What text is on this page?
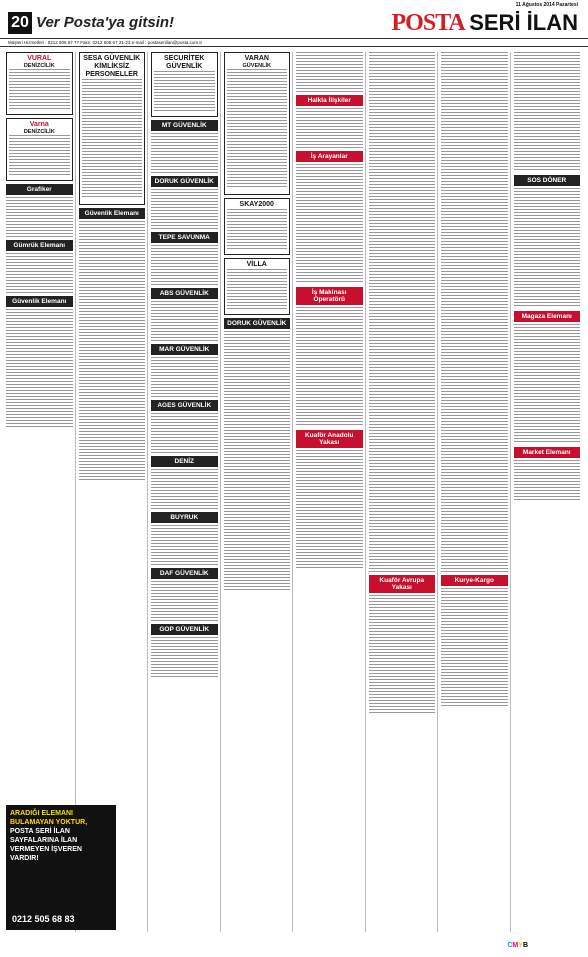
11 Ağustos 2014 Pazartesi
20 Ver Posta'ya gitsin!	POSTA SERİ İLAN
Müşteri Hizmetleri : 0212 505 67 77 Faks: 0212 505 67 21-23 e-mail : postaseriilan@posta.com.tr
VURAL
DENİZCİLİK
Varna
DENİZCİLİK
Grafiker
Gümrük Elemanı
Güvenlik Elemanı
SESA GÜVENLİK KİMLİKSİZ PERSONELLER
Güvenlik Elemanı
SECURİTEK GÜVENLİK
MT GÜVENLİK
DORUK GÜVENLİK
TEPE SAVUNMA
ABS GÜVENLİK
MAR GÜVENLİK
AGES GÜVENLİK
DENİZ
BUYRUK
DAF GÜVENLİK
GOP GÜVENLİK
VARAN
GÜVENLİK
SKAY2000
VİLLA
DORUK GÜVENLİK
Halkla İlişkiler
İş Arayanlar
İş Makinası Operatörü
Kuaför Anadolu Yakası
Kuaför Avrupa Yakası
Kurye-Kargo
SOS DÖNER
Magaza Elemanı
Market Elemanı
ARADIĞI ELEMANI BULAMAYAN YOKTUR,
POSTA SERİ İLAN SAYFALARINA İLAN VERMEYEN İŞVEREN VARDIR!
0212 505 68 83
CMYB
